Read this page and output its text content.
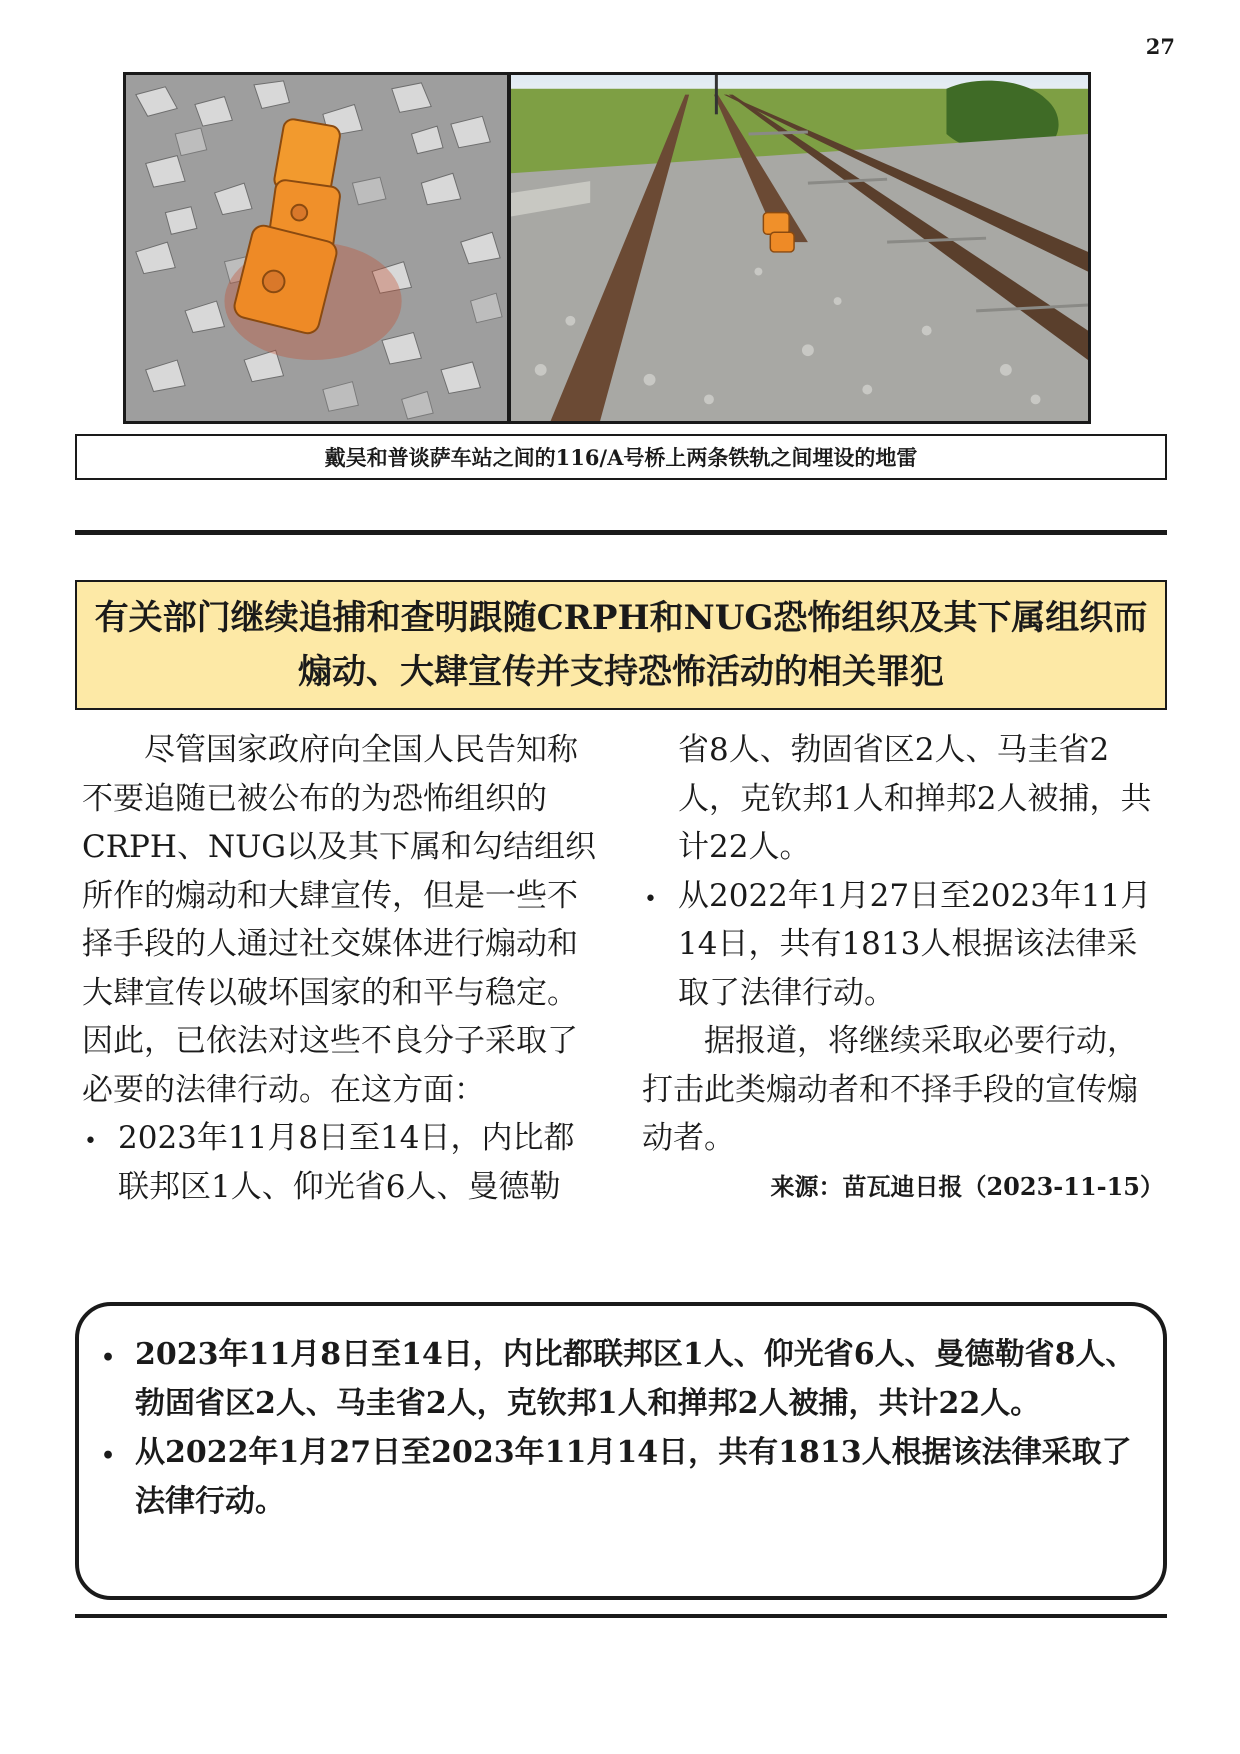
27
戴吴和普谈萨车站之间的116/A号桥上两条铁轨之间埋设的地雷
有关部门继续追捕和查明跟随CRPH和NUG恐怖组织及其下属组织而
煽动、大肆宣传并支持恐怖活动的相关罪犯

尽管国家政府向全国人民告知称不要追随已被公布的为恐怖组织的CRPH、NUG以及其下属和勾结组织所作的煽动和大肆宣传，但是一些不择手段的人通过社交媒体进行煽动和大肆宣传以破坏国家的和平与稳定。因此，已依法对这些不良分子采取了必要的法律行动。在这方面：

• 2023年11月8日至14日，内比都联邦区1人、仰光省6人、曼德勒

省8人、勃固省区2人、马圭省2人，克钦邦1人和掸邦2人被捕，共计22人。

• 从2022年1月27日至2023年11月14日，共有1813人根据该法律采取了法律行动。

据报道，将继续采取必要行动，打击此类煽动者和不择手段的宣传煽动者。

来源：苗瓦迪日报（2023-11-15）

• 2023年11月8日至14日，内比都联邦区1人、仰光省6人、曼德勒省8人、勃固省区2人、马圭省2人，克钦邦1人和掸邦2人被捕，共计22人。
• 从2022年1月27日至2023年11月14日，共有1813人根据该法律采取了法律行动。
